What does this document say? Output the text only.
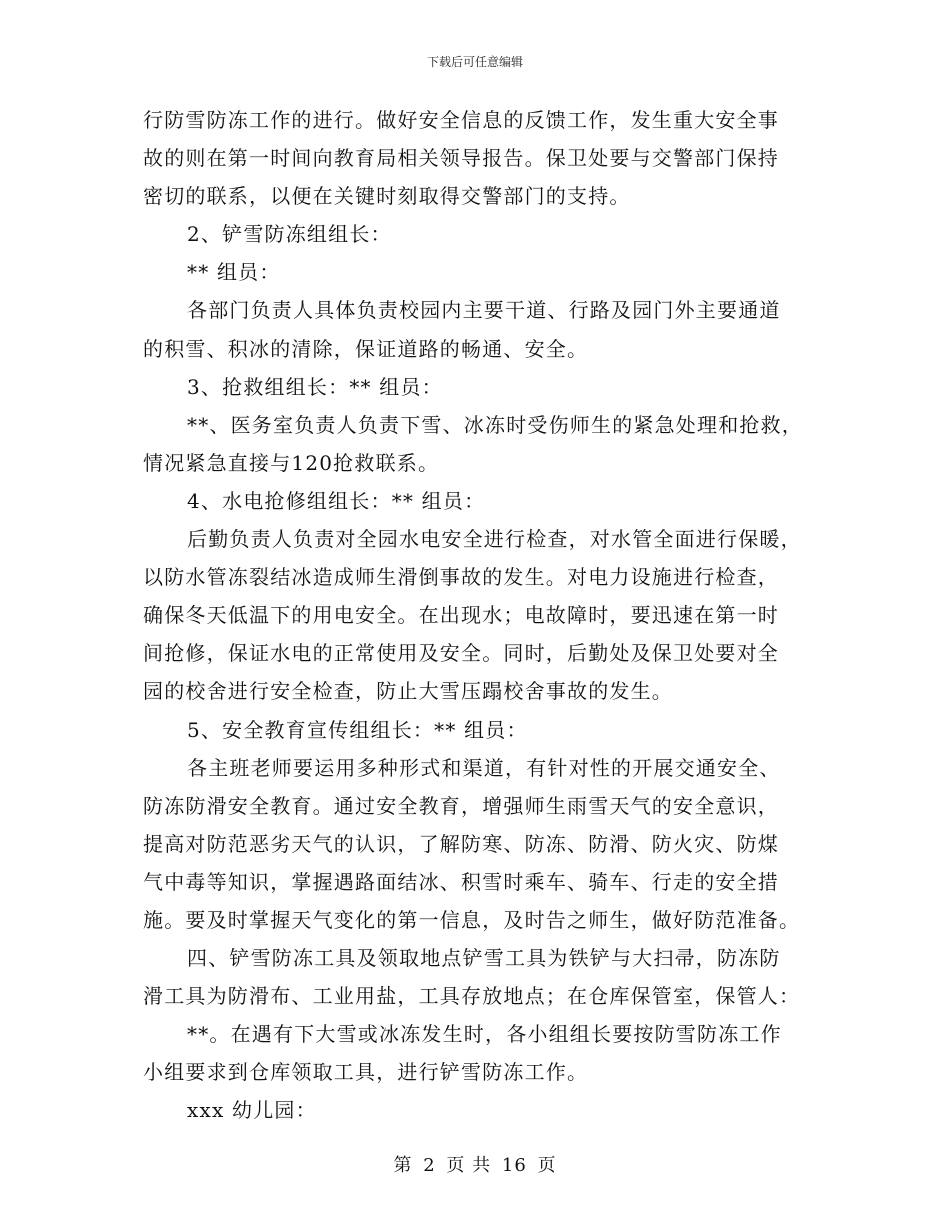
下载后可任意编辑
行防雪防冻工作的进行。做好安全信息的反馈工作，发生重大安全事
故的则在第一时间向教育局相关领导报告。保卫处要与交警部门保持
密切的联系，以便在关键时刻取得交警部门的支持。
2、铲雪防冻组组长：
** 组员：
各部门负责人具体负责校园内主要干道、行路及园门外主要通道
的积雪、积冰的清除，保证道路的畅通、安全。
3、抢救组组长：** 组员：
**、医务室负责人负责下雪、冰冻时受伤师生的紧急处理和抢救，
情况紧急直接与120抢救联系。
4、水电抢修组组长：** 组员：
后勤负责人负责对全园水电安全进行检查，对水管全面进行保暖，
以防水管冻裂结冰造成师生滑倒事故的发生。对电力设施进行检查，
确保冬天低温下的用电安全。在出现水；电故障时，要迅速在第一时
间抢修，保证水电的正常使用及安全。同时，后勤处及保卫处要对全
园的校舍进行安全检查，防止大雪压蹋校舍事故的发生。
5、安全教育宣传组组长：** 组员：
各主班老师要运用多种形式和渠道，有针对性的开展交通安全、
防冻防滑安全教育。通过安全教育，增强师生雨雪天气的安全意识，
提高对防范恶劣天气的认识，了解防寒、防冻、防滑、防火灾、防煤
气中毒等知识，掌握遇路面结冰、积雪时乘车、骑车、行走的安全措
施。要及时掌握天气变化的第一信息，及时告之师生，做好防范准备。
四、铲雪防冻工具及领取地点铲雪工具为铁铲与大扫帚，防冻防
滑工具为防滑布、工业用盐，工具存放地点；在仓库保管室，保管人：
**。在遇有下大雪或冰冻发生时，各小组组长要按防雪防冻工作
小组要求到仓库领取工具，进行铲雪防冻工作。
xxx 幼儿园：
第 2 页 共 16 页
